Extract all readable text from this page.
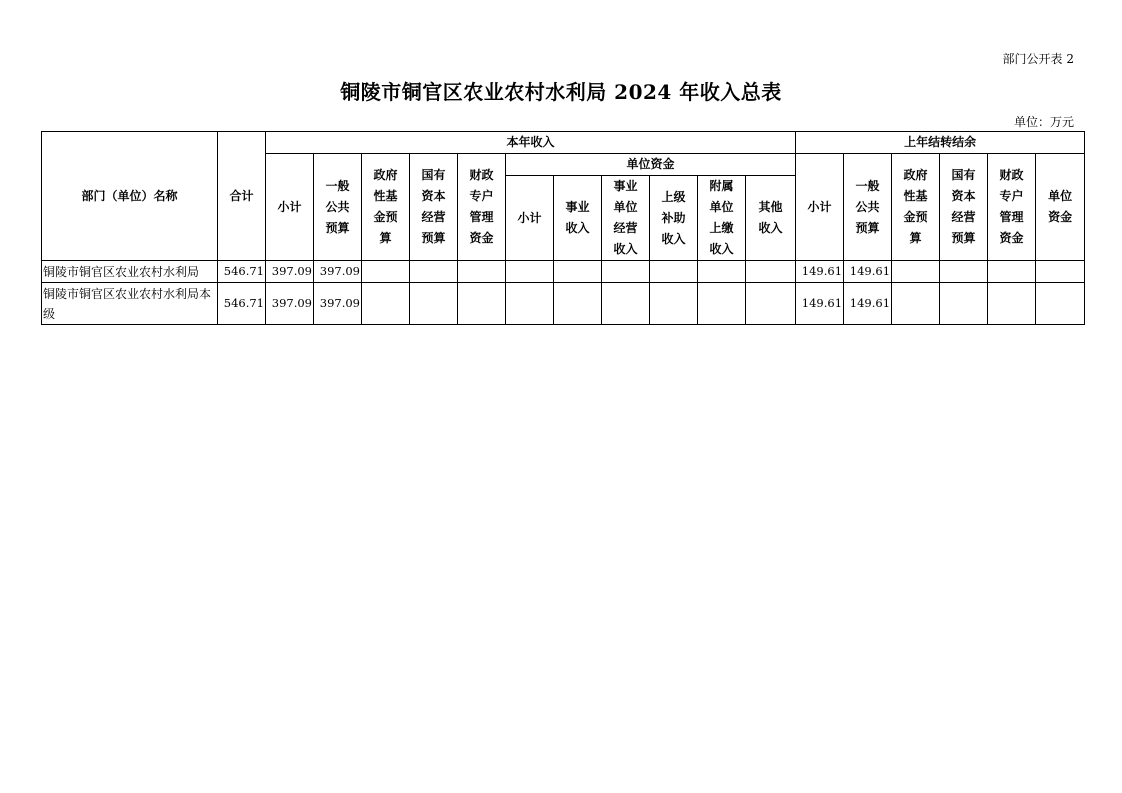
部门公开表 2
铜陵市铜官区农业农村水利局 2024 年收入总表
单位：万元
部门（单位）名称	合计	本年收入											上年结转结余					
		小计	一般公共预算	政府性基金预算	国有资本经营预算	财政专户管理资金	单位资金						小计	一般公共预算	政府性基金预算	国有资本经营预算	财政专户管理资金	单位资金
							小计	事业收入	事业单位经营收入	上级补助收入	附属单位上缴收入	其他收入						
铜陵市铜官区农业农村水利局	546.71	397.09	397.09										149.61	149.61				
铜陵市铜官区农业农村水利局本级	546.71	397.09	397.09										149.61	149.61				
